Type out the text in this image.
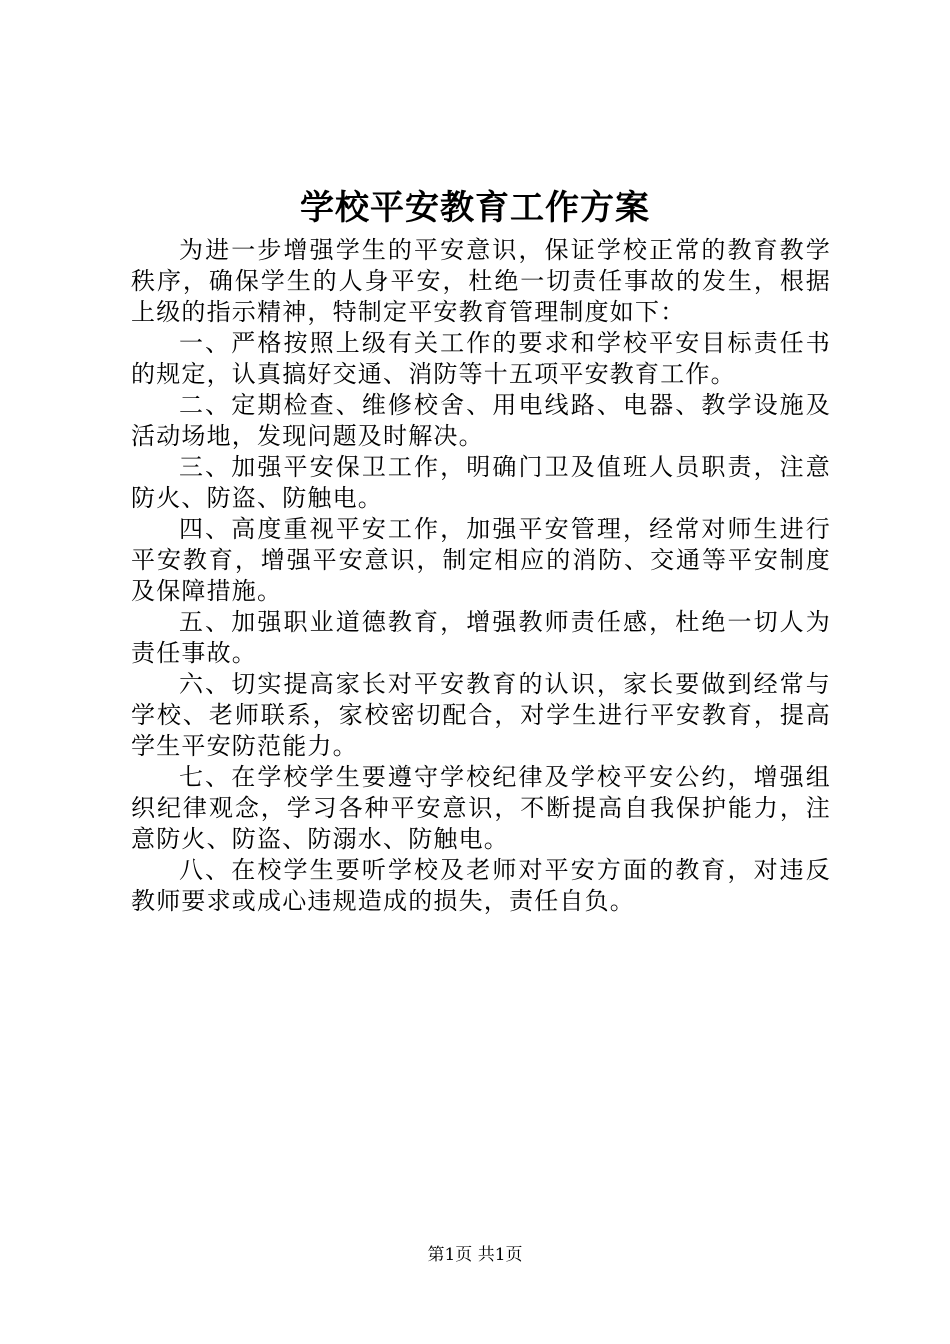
学校平安教育工作方案

为进一步增强学生的平安意识，保证学校正常的教育教学秩序，确保学生的人身平安，杜绝一切责任事故的发生，根据上级的指示精神，特制定平安教育管理制度如下：

一、严格按照上级有关工作的要求和学校平安目标责任书的规定，认真搞好交通、消防等十五项平安教育工作。

二、定期检查、维修校舍、用电线路、电器、教学设施及活动场地，发现问题及时解决。

三、加强平安保卫工作，明确门卫及值班人员职责，注意防火、防盗、防触电。

四、高度重视平安工作，加强平安管理，经常对师生进行平安教育，增强平安意识，制定相应的消防、交通等平安制度及保障措施。

五、加强职业道德教育，增强教师责任感，杜绝一切人为责任事故。

六、切实提高家长对平安教育的认识，家长要做到经常与学校、老师联系，家校密切配合，对学生进行平安教育，提高学生平安防范能力。

七、在学校学生要遵守学校纪律及学校平安公约，增强组织纪律观念，学习各种平安意识，不断提高自我保护能力，注意防火、防盗、防溺水、防触电。

八、在校学生要听学校及老师对平安方面的教育，对违反教师要求或成心违规造成的损失，责任自负。

第1页 共1页
